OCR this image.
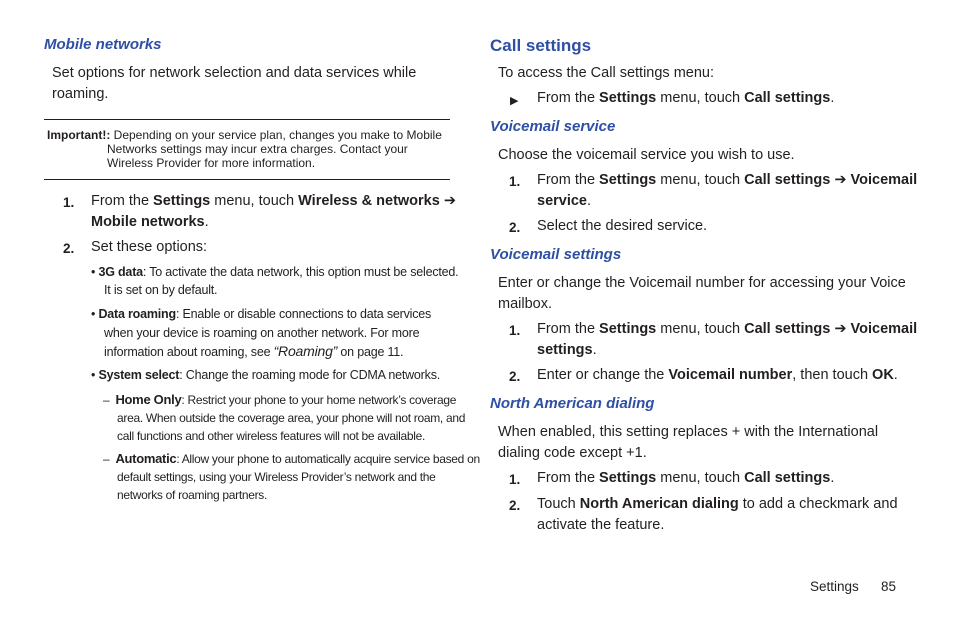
Mobile networks
Set options for network selection and data services while roaming.
Important!: Depending on your service plan, changes you make to Mobile
Networks settings may incur extra charges. Contact your
Wireless Provider for more information.
1. From the Settings menu, touch Wireless & networks ➔
Mobile networks.
2. Set these options:
• 3G data: To activate the data network, this option must be selected.
It is set on by default.
• Data roaming: Enable or disable connections to data services
when your device is roaming on another network. For more
information about roaming, see “Roaming” on page 11.
• System select: Change the roaming mode for CDMA networks.
–  Home Only: Restrict your phone to your home network’s coverage
area. When outside the coverage area, your phone will not roam, and
call functions and other wireless features will not be available.
–  Automatic: Allow your phone to automatically acquire service based on
default settings, using your Wireless Provider’s network and the
networks of roaming partners.
Call settings
To access the Call settings menu:
▶ From the Settings menu, touch Call settings.
Voicemail service
Choose the voicemail service you wish to use.
1. From the Settings menu, touch Call settings ➔ Voicemail
service.
2. Select the desired service.
Voicemail settings
Enter or change the Voicemail number for accessing your Voice
mailbox.
1. From the Settings menu, touch Call settings ➔ Voicemail
settings.
2. Enter or change the Voicemail number, then touch OK.
North American dialing
When enabled, this setting replaces + with the International
dialing code except +1.
1. From the Settings menu, touch Call settings.
2. Touch North American dialing to add a checkmark and
activate the feature.
Settings 85
